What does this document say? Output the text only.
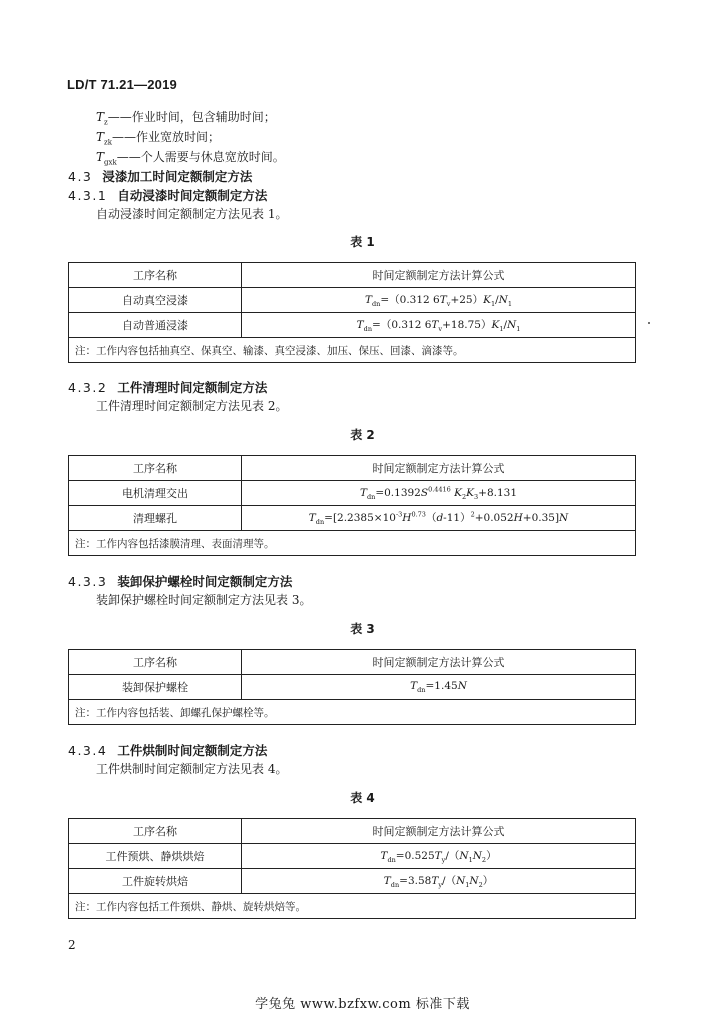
LD/T 71.21—2019
$T_z——$作业时间，包含辅助时间；
$T_{zk}——$作业宽放时间；
$T_{gxk}——$个人需要与休息宽放时间。
4.3 浸漆加工时间定额制定方法
4.3.1 自动浸漆时间定额制定方法
自动浸漆时间定额制定方法见表 1。
表 1
工序名称	时间定额制定方法计算公式
自动真空浸漆	$T_{dn}=(0.312$ $6T_v+25)K_1/N_1$
自动普通浸漆	$T_{dn}=(0.312$ $6T_v+18.75)K_1/N_1$
注：工作内容包括抽真空、保真空、输漆、真空浸漆、加压、保压、回漆、滴漆等。	
4.3.2 工件清理时间定额制定方法
工件清理时间定额制定方法见表 2。
表 2
工序名称	时间定额制定方法计算公式
电机清理交出	$T_{dn}=0.1392S^{0.4416}$ $K_2K_3+8.131$
清理螺孔	$T_{dn}=[2.2385\times 10^{-3}H^{0.73}(d-11)^2+0.052H+0.35]N$
注：工作内容包括漆膜清理、表面清理等。	
4.3.3 装卸保护螺栓时间定额制定方法
装卸保护螺栓时间定额制定方法见表 3。
表 3
工序名称	时间定额制定方法计算公式
装卸保护螺栓	$T_{dn}=1.45N$
注：工作内容包括装、卸螺孔保护螺栓等。	
4.3.4 工件烘制时间定额制定方法
工件烘制时间定额制定方法见表 4。
表 4
工序名称	时间定额制定方法计算公式
工件预烘、静烘烘焙	$T_{dn}=0.525T_y/(N_1N_2)$
工件旋转烘焙	$T_{dn}=3.58T_y/(N_1N_2)$
注：工作内容包括工件预烘、静烘、旋转烘焙等。	
2
学兔兔 www.bzfxw.com 标准下载
